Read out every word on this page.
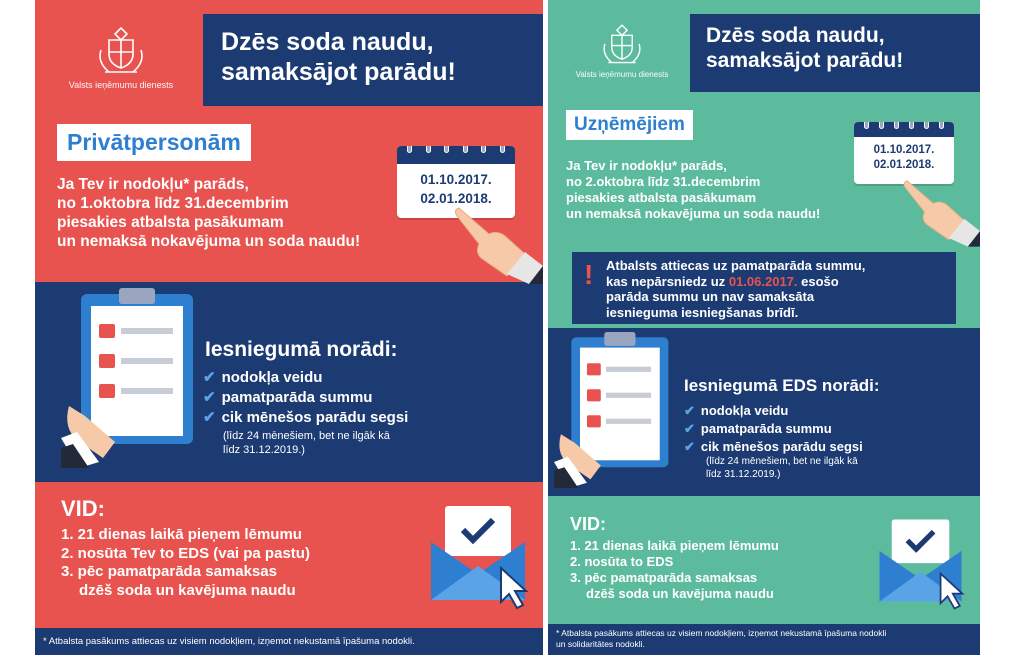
Valsts ieņēmumu dienests
Dzēs soda naudu,
samaksājot parādu!
Privātpersonām
Ja Tev ir nodokļu* parāds,
no 1.oktobra līdz 31.decembrim
piesakies atbalsta pasākumam
un nemaksā nokavējuma un soda naudu!
01.10.2017.
02.01.2018.
Iesniegumā norādi:
✔ nodokļa veidu
✔ pamatparāda summu
✔ cik mēnešos parādu segsi
(līdz 24 mēnešiem, bet ne ilgāk kā
līdz 31.12.2019.)
VID:
1. 21 dienas laikā pieņem lēmumu
2. nosūta Tev to EDS (vai pa pastu)
3. pēc pamatparāda samaksas
dzēš soda un kavējuma naudu
* Atbalsta pasākums attiecas uz visiem nodokļiem, izņemot nekustamā īpašuma nodokli.
Valsts ieņēmumu dienests
Dzēs soda naudu,
samaksājot parādu!
Uzņēmējiem
Ja Tev ir nodokļu* parāds,
no 2.oktobra līdz 31.decembrim
piesakies atbalsta pasākumam
un nemaksā nokavējuma un soda naudu!
01.10.2017.
02.01.2018.
! Atbalsts attiecas uz pamatparāda summu,
kas nepārsniedz uz 01.06.2017. esošo
parāda summu un nav samaksāta
iesnieguma iesniegšanas brīdī.
Iesniegumā EDS norādi:
✔ nodokļa veidu
✔ pamatparāda summu
✔ cik mēnešos parādu segsi
(līdz 24 mēnešiem, bet ne ilgāk kā
līdz 31.12.2019.)
VID:
1. 21 dienas laikā pieņem lēmumu
2. nosūta to EDS
3. pēc pamatparāda samaksas
dzēš soda un kavējuma naudu
* Atbalsta pasākums attiecas uz visiem nodokļiem, izņemot nekustamā īpašuma nodokli
un solidaritātes nodokli.
